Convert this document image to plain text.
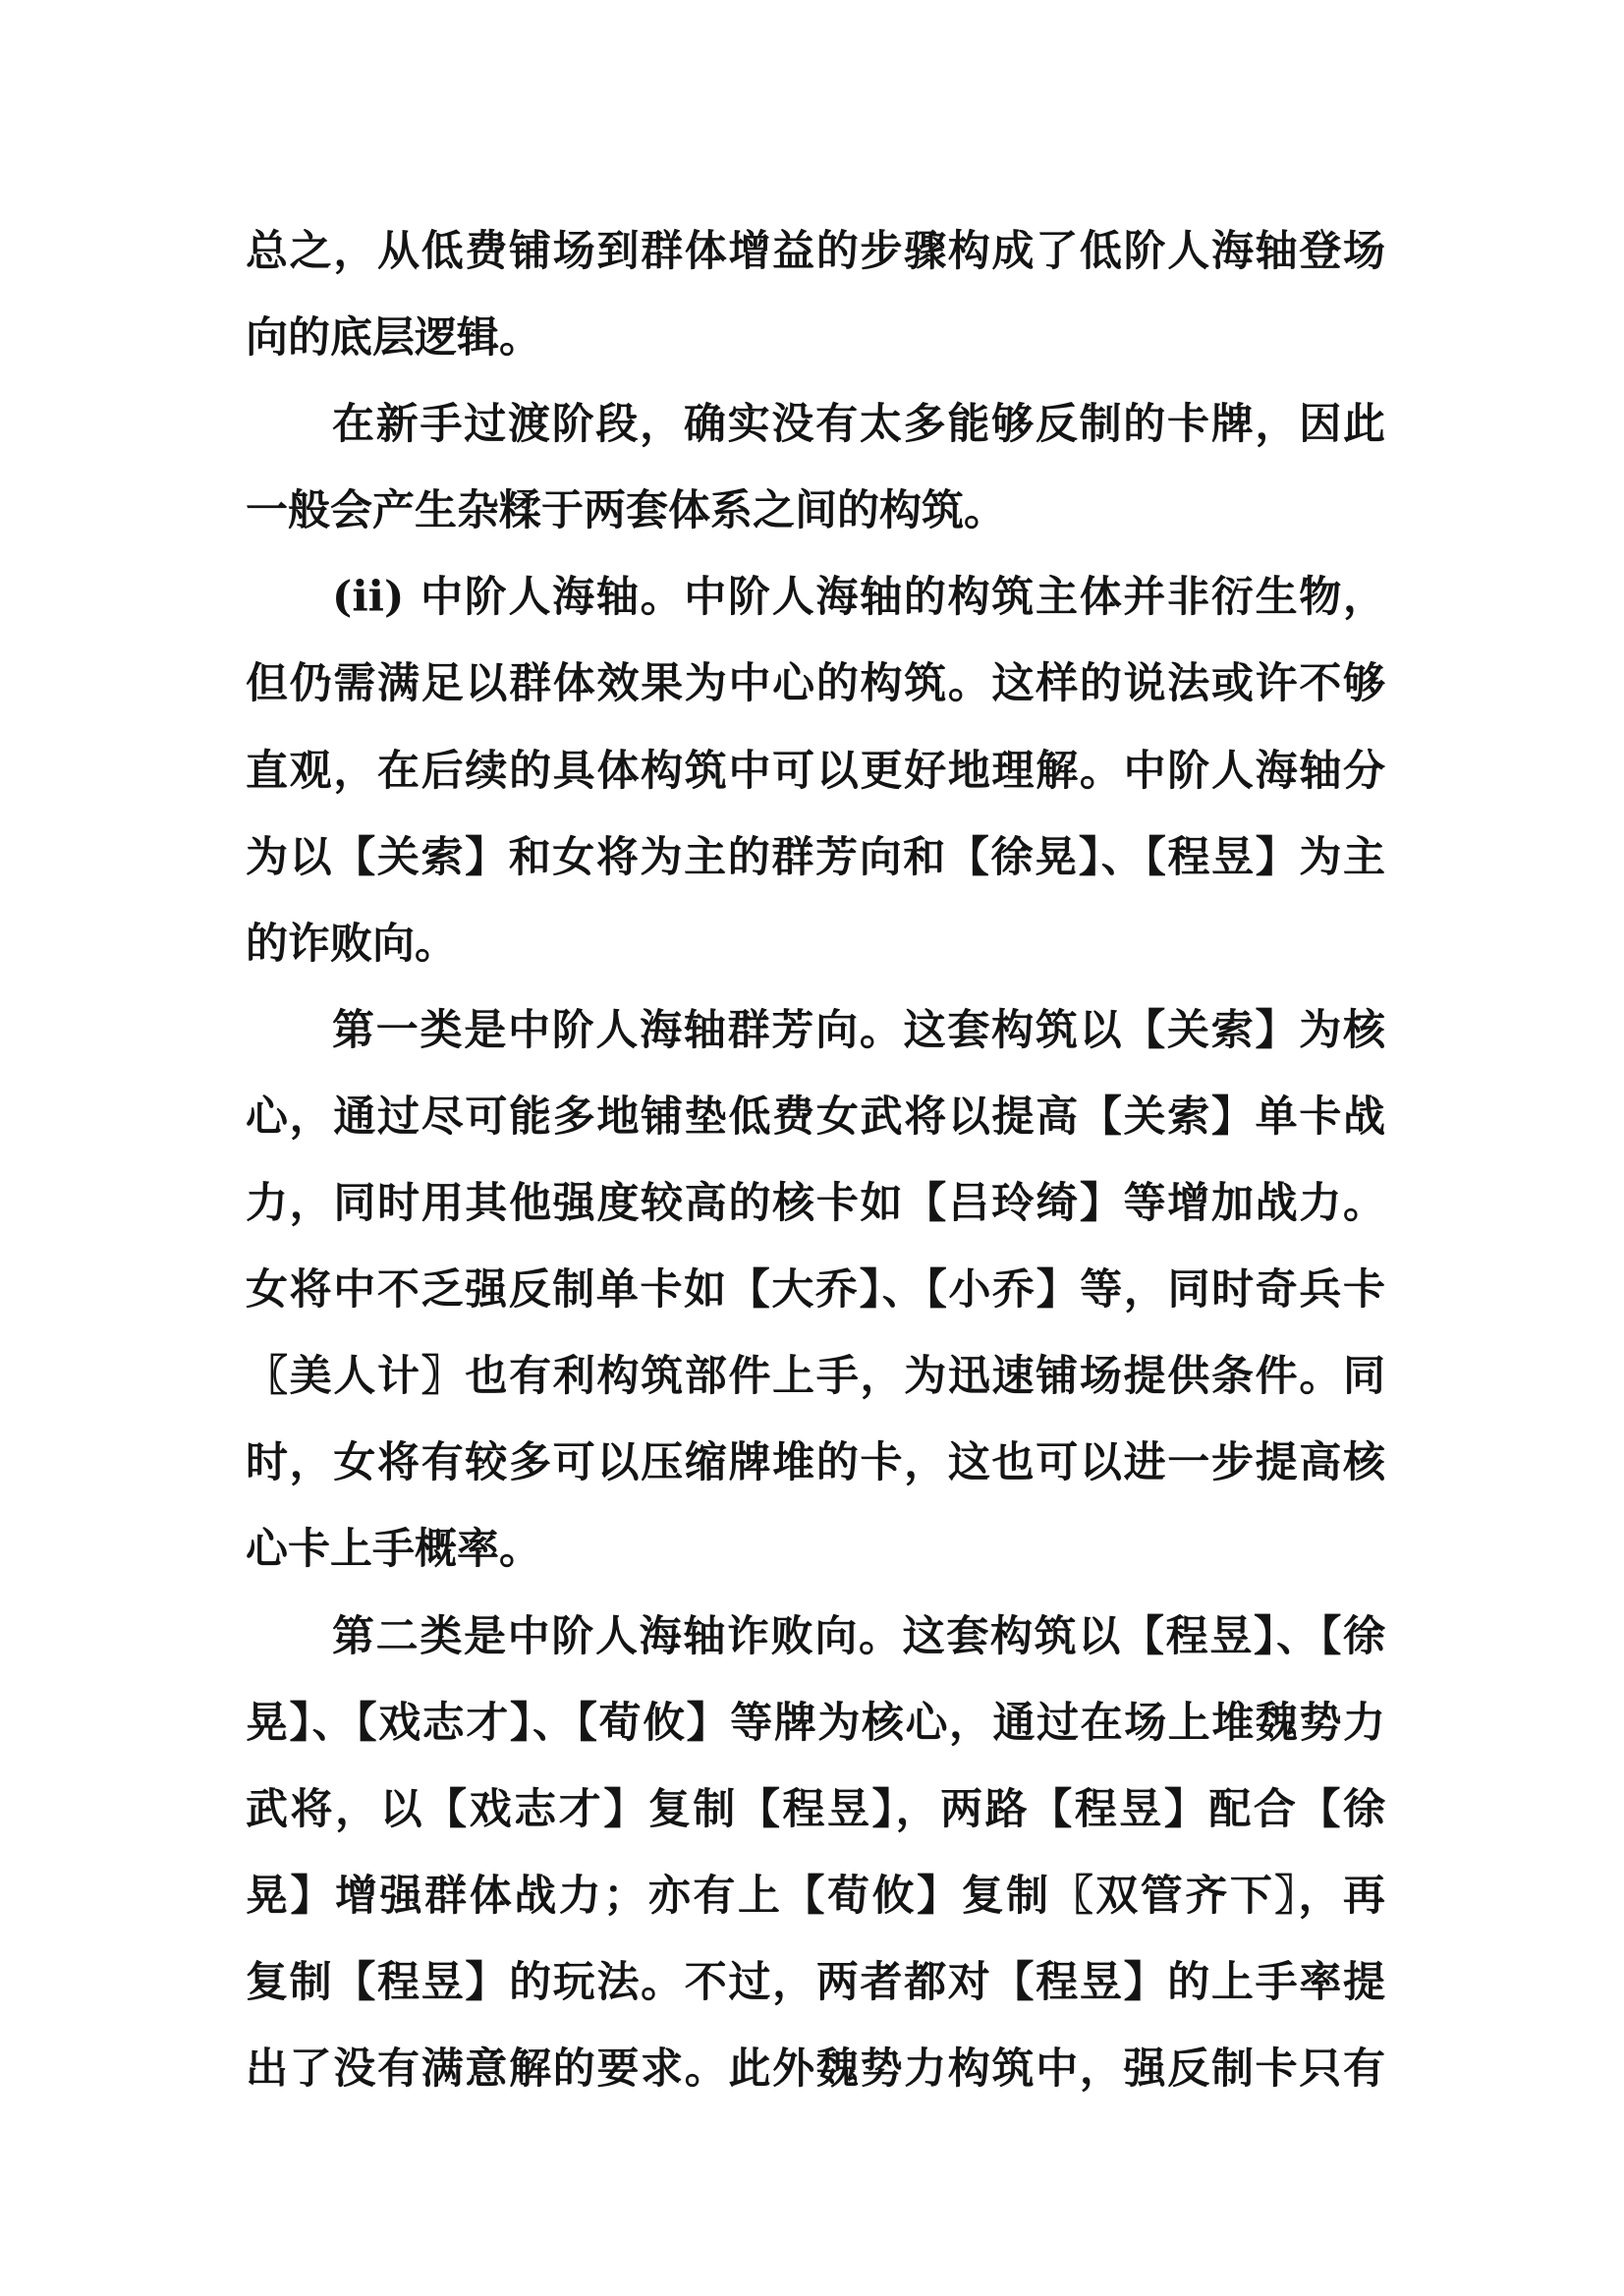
总之，从低费铺场到群体增益的步骤构成了低阶人海轴登场
向的底层逻辑。
在新手过渡阶段，确实没有太多能够反制的卡牌，因此
一般会产生杂糅于两套体系之间的构筑。
(ii) 中阶人海轴。中阶人海轴的构筑主体并非衍生物，
但仍需满足以群体效果为中心的构筑。这样的说法或许不够
直观，在后续的具体构筑中可以更好地理解。中阶人海轴分
为以【关索】和女将为主的群芳向和【徐晃】、【程昱】为主
的诈败向。
第一类是中阶人海轴群芳向。这套构筑以【关索】为核
心，通过尽可能多地铺垫低费女武将以提高【关索】单卡战
力，同时用其他强度较高的核卡如【吕玲绮】等增加战力。
女将中不乏强反制单卡如【大乔】、【小乔】等，同时奇兵卡
〖美人计〗也有利构筑部件上手，为迅速铺场提供条件。同
时，女将有较多可以压缩牌堆的卡，这也可以进一步提高核
心卡上手概率。
第二类是中阶人海轴诈败向。这套构筑以【程昱】、【徐
晃】、【戏志才】、【荀攸】等牌为核心，通过在场上堆魏势力
武将，以【戏志才】复制【程昱】，两路【程昱】配合【徐
晃】增强群体战力；亦有上【荀攸】复制〖双管齐下〗，再
复制【程昱】的玩法。不过，两者都对【程昱】的上手率提
出了没有满意解的要求。此外魏势力构筑中，强反制卡只有
